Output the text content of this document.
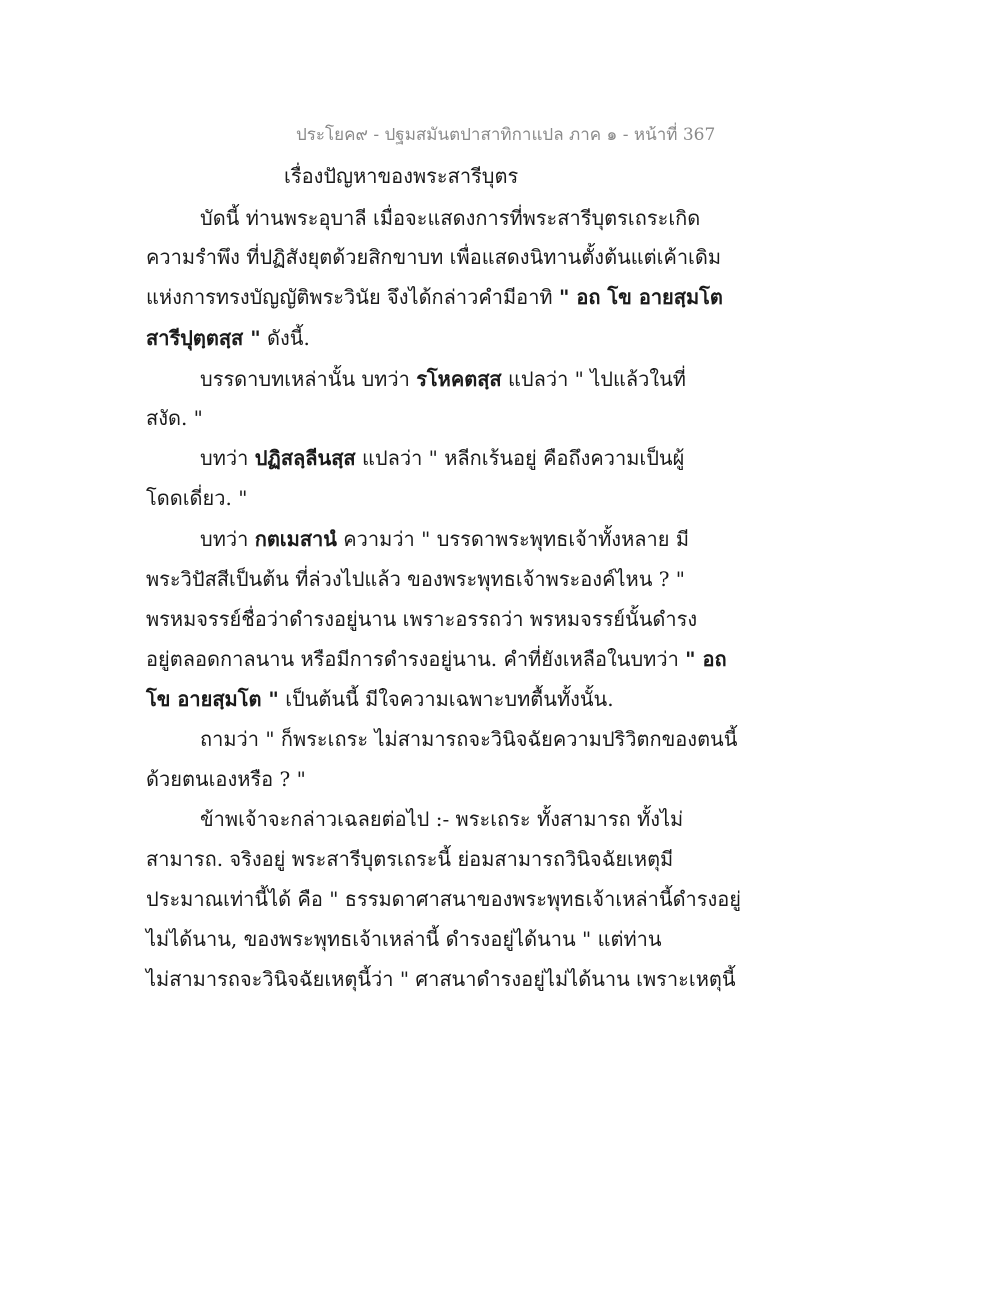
ประโยค๙ - ปฐมสมันตปาสาทิกาแปล ภาค ๑ - หน้าที่ 367
เรื่องปัญหาของพระสารีบุตร
บัดนี้ ท่านพระอุบาลี เมื่อจะแสดงการที่พระสารีบุตรเถระเกิด
ความรำพึง ที่ปฏิสังยุตด้วยสิกขาบท เพื่อแสดงนิทานตั้งต้นแต่เค้าเดิม
แห่งการทรงบัญญัติพระวินัย จึงได้กล่าวคำมีอาทิ " อถ โข อายสฺมโต
สารีปุตฺตสฺส " ดังนี้.
บรรดาบทเหล่านั้น บทว่า รโหคตสฺส แปลว่า " ไปแล้วในที่
สงัด. "
บทว่า ปฏิสลฺลีนสฺส แปลว่า " หลีกเร้นอยู่ คือถึงความเป็นผู้
โดดเดี่ยว. "
บทว่า กตเมสานํ ความว่า " บรรดาพระพุทธเจ้าทั้งหลาย มี
พระวิปัสสีเป็นต้น ที่ล่วงไปแล้ว ของพระพุทธเจ้าพระองค์ไหน ? "
พรหมจรรย์ชื่อว่าดำรงอยู่นาน เพราะอรรถว่า พรหมจรรย์นั้นดำรง
อยู่ตลอดกาลนาน หรือมีการดำรงอยู่นาน. คำที่ยังเหลือในบทว่า " อถ
โข อายสฺมโต " เป็นต้นนี้ มีใจความเฉพาะบทตื้นทั้งนั้น.
ถามว่า " ก็พระเถระ ไม่สามารถจะวินิจฉัยความปริวิตกของตนนี้
ด้วยตนเองหรือ ? "
ข้าพเจ้าจะกล่าวเฉลยต่อไป :- พระเถระ ทั้งสามารถ ทั้งไม่
สามารถ. จริงอยู่ พระสารีบุตรเถระนี้ ย่อมสามารถวินิจฉัยเหตุมี
ประมาณเท่านี้ได้ คือ " ธรรมดาศาสนาของพระพุทธเจ้าเหล่านี้ดำรงอยู่
ไม่ได้นาน, ของพระพุทธเจ้าเหล่านี้ ดำรงอยู่ได้นาน " แต่ท่าน
ไม่สามารถจะวินิจฉัยเหตุนี้ว่า " ศาสนาดำรงอยู่ไม่ได้นาน เพราะเหตุนี้
